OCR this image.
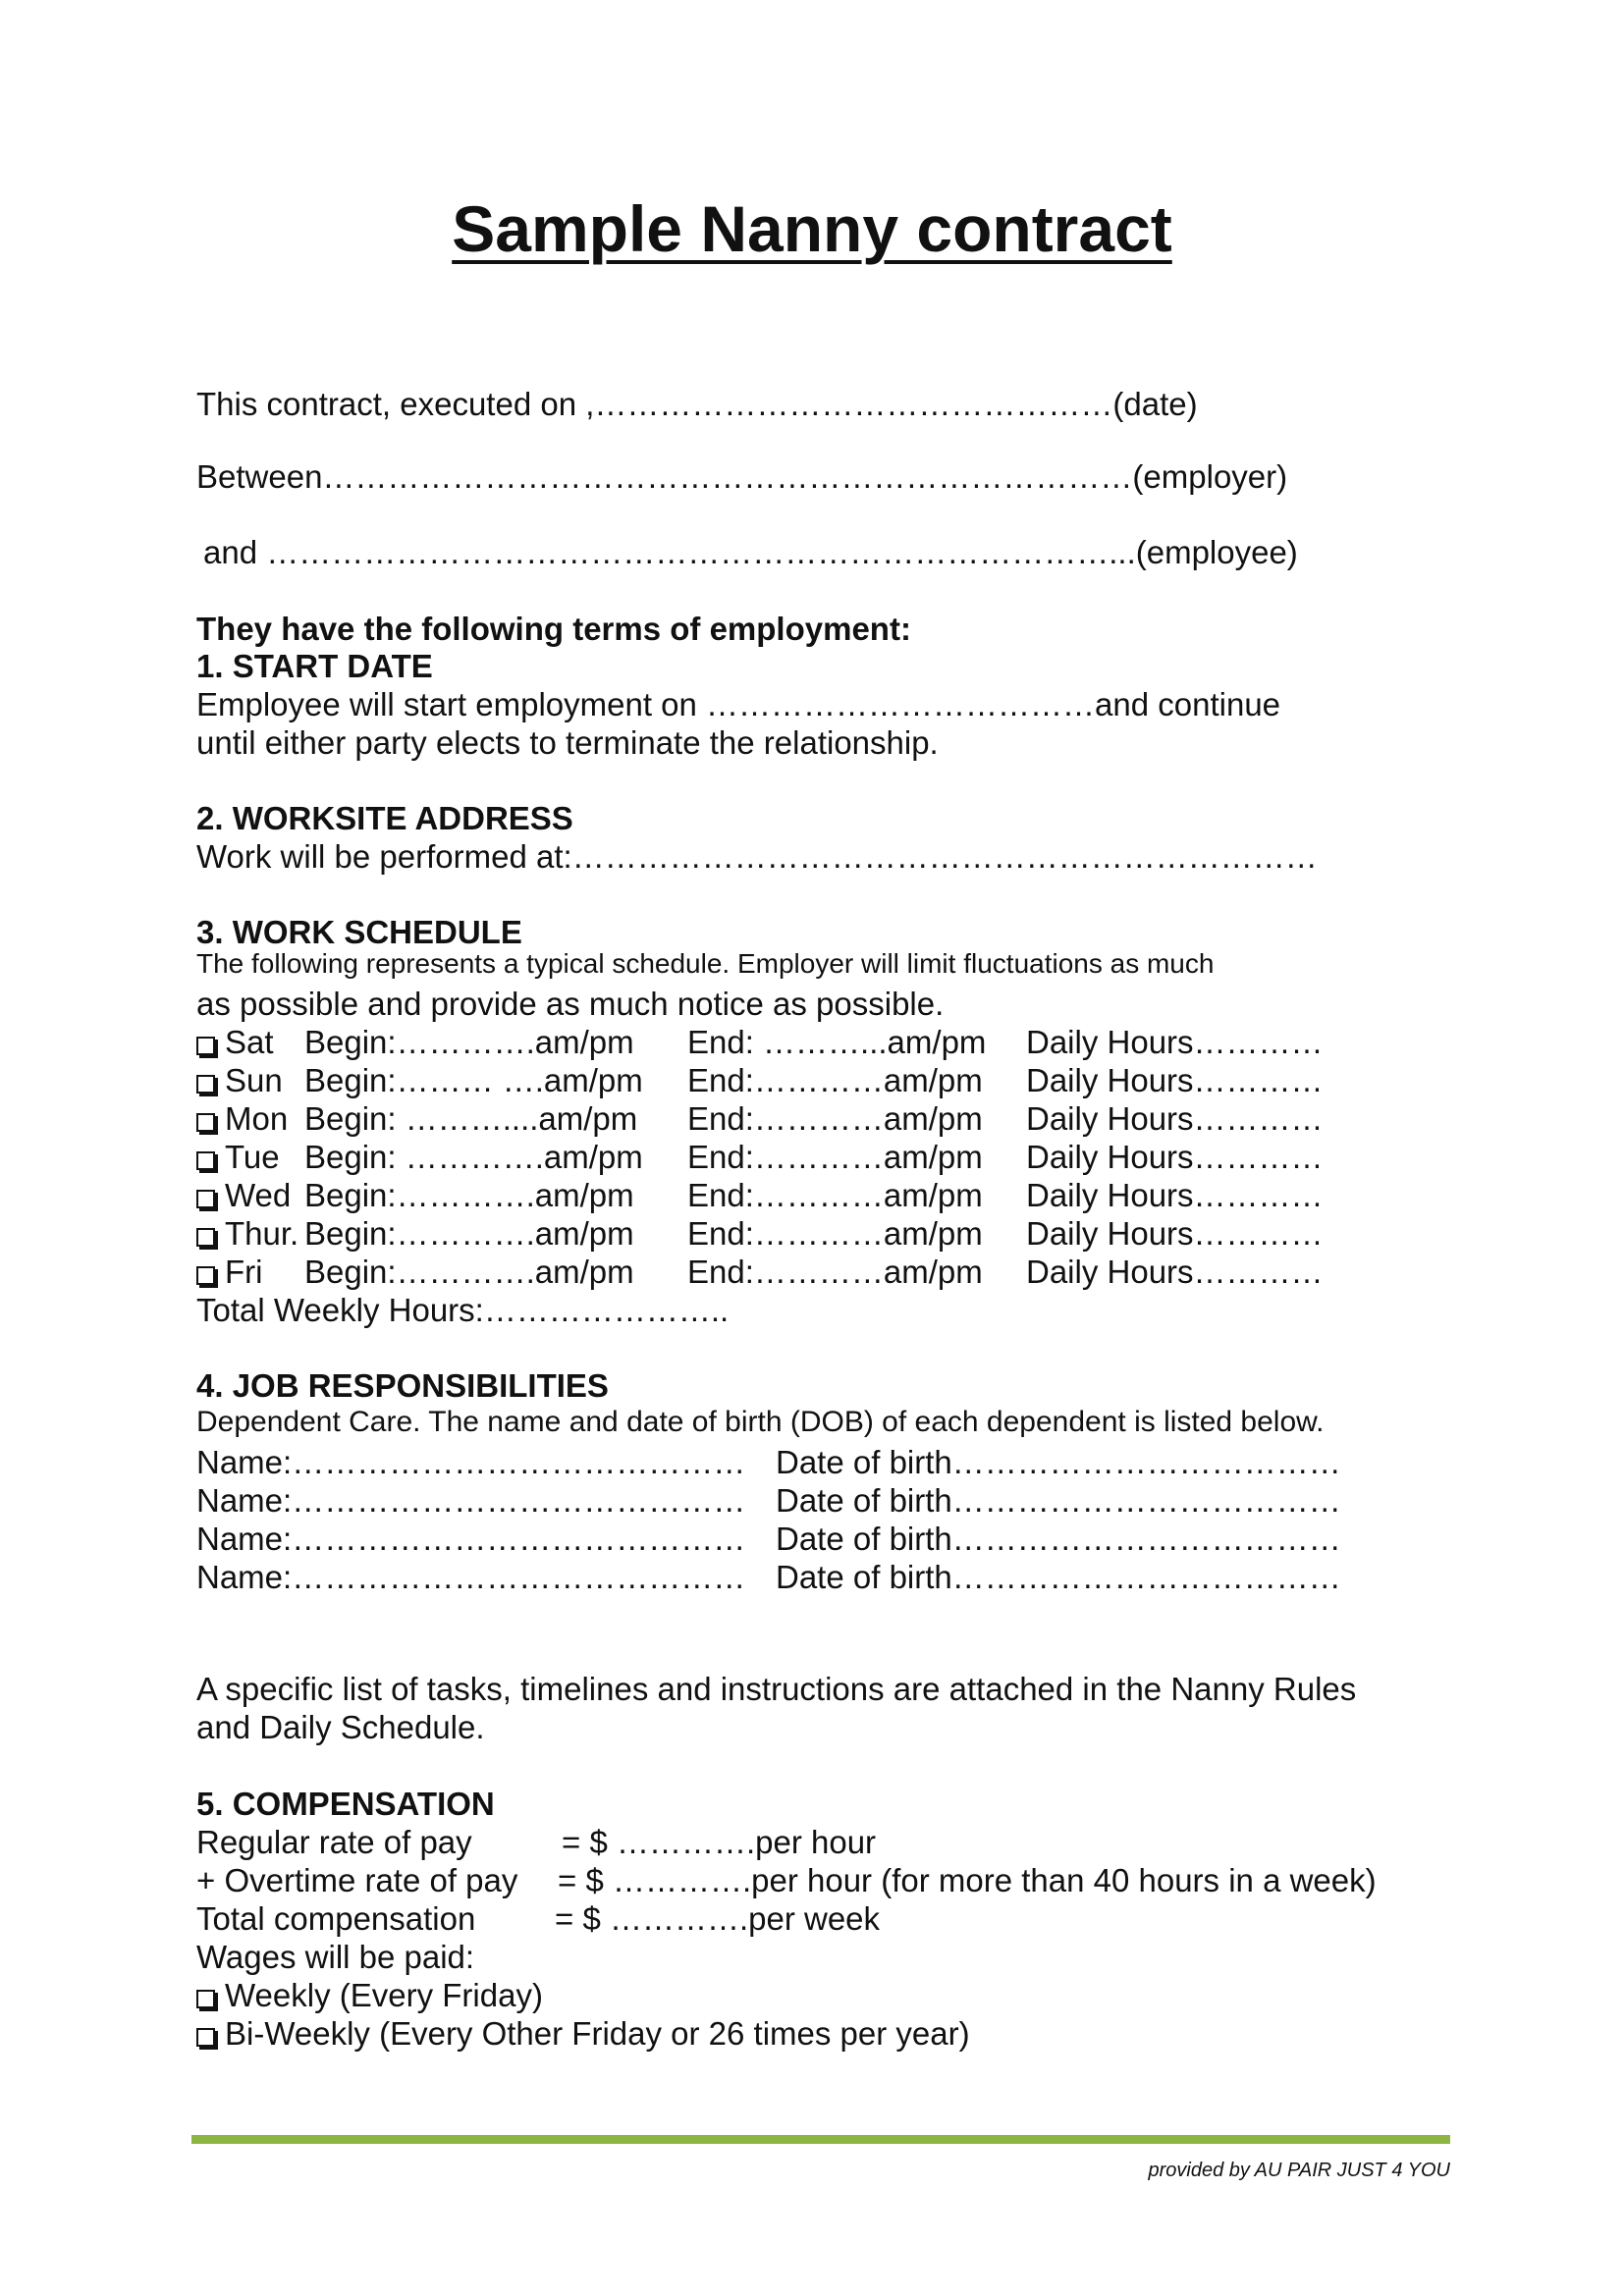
Sample Nanny contract
This contract, executed on ,…………………………………………(date)
Between…………………………………………………………………(employer)
and ……………………………………………………………………...(employee)
They have the following terms of employment:
1. START DATE
Employee will start employment on ………………………………and continue
until either party elects to terminate the relationship.
2. WORKSITE ADDRESS
Work will be performed at:……………………………………………………………
3. WORK SCHEDULE
The following represents a typical schedule. Employer will limit fluctuations as much
as possible and provide as much notice as possible.
Sat Begin:………….am/pm End: ………...am/pm Daily Hours…………
Sun Begin:……… ….am/pm End:…………am/pm Daily Hours…………
Mon Begin: ………....am/pm End:…………am/pm Daily Hours…………
Tue Begin: ………….am/pm End:…………am/pm Daily Hours…………
Wed Begin:………….am/pm End:…………am/pm Daily Hours…………
Thur. Begin:………….am/pm End:…………am/pm Daily Hours…………
Fri Begin:………….am/pm End:…………am/pm Daily Hours…………
Total Weekly Hours:…………………..
4. JOB RESPONSIBILITIES
Dependent Care. The name and date of birth (DOB) of each dependent is listed below.
Name:…………………………………… Date of birth………………………………
Name:…………………………………… Date of birth………………………………
Name:…………………………………… Date of birth………………………………
Name:…………………………………… Date of birth………………………………
A specific list of tasks, timelines and instructions are attached in the Nanny Rules
and Daily Schedule.
5. COMPENSATION
Regular rate of pay	= $ ………….per hour
+ Overtime rate of pay = $ ………….per hour (for more than 40 hours in a week)
Total compensation = $ ………….per week
Wages will be paid:
Weekly (Every Friday)
Bi-Weekly (Every Other Friday or 26 times per year)
provided by AU PAIR JUST 4 YOU
